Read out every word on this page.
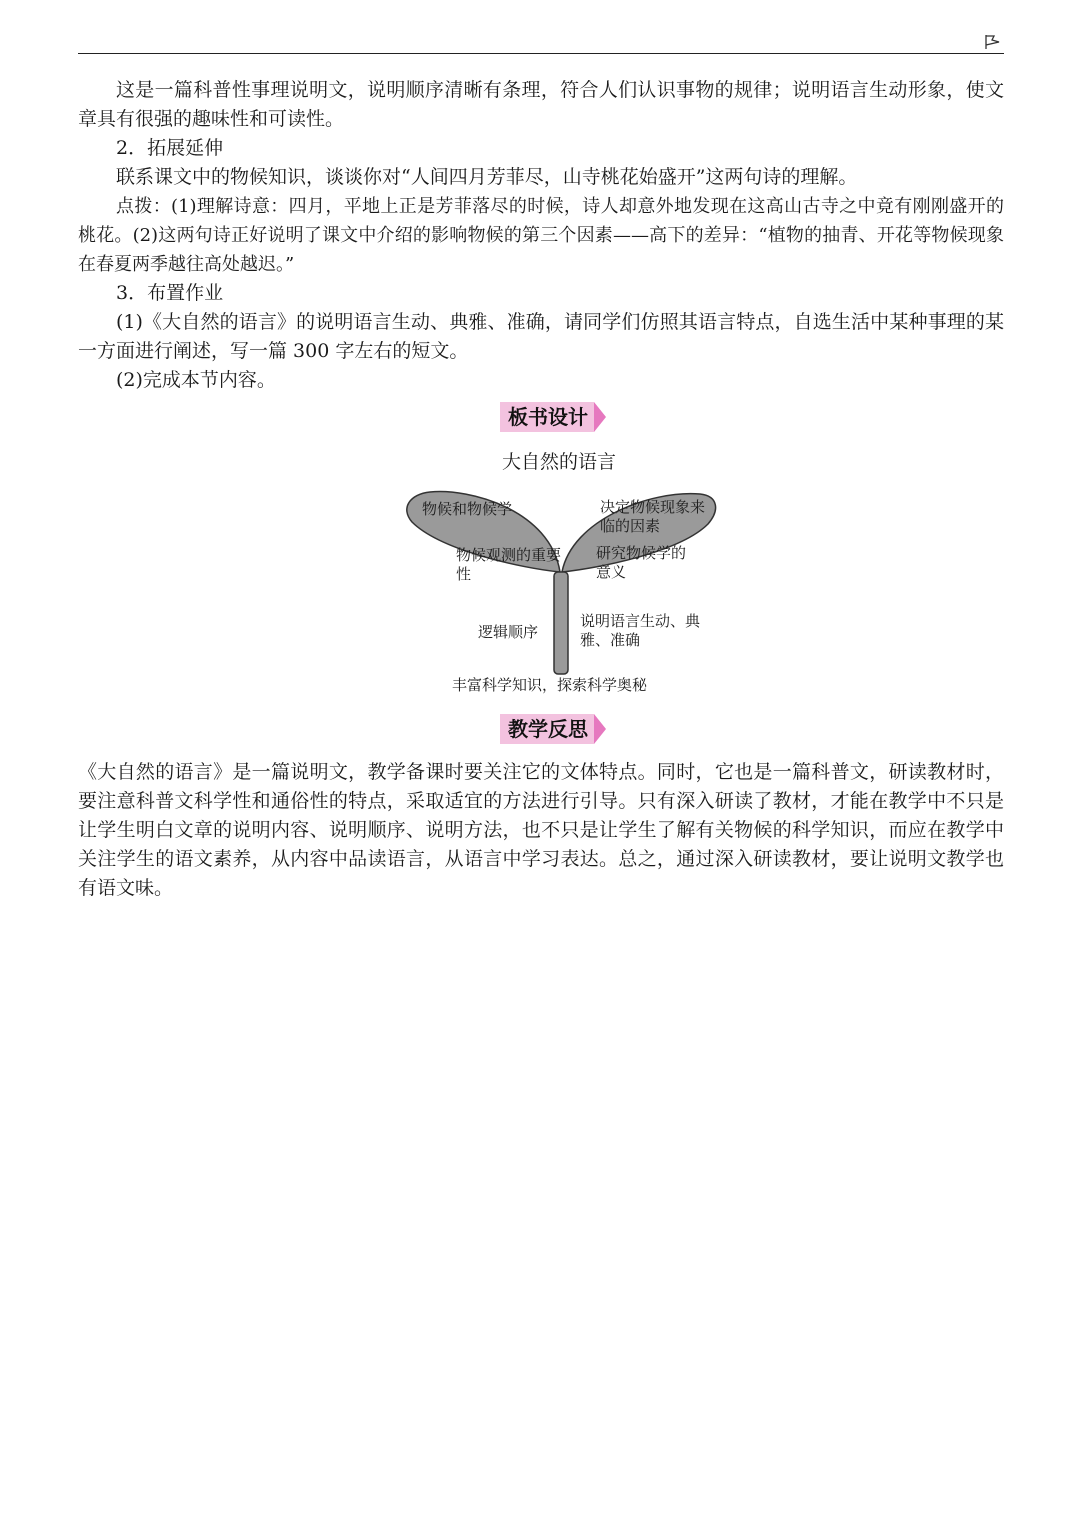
这是一篇科普性事理说明文，说明顺序清晰有条理，符合人们认识事物的规律；说明语言生动形象，使文章具有很强的趣味性和可读性。

2．拓展延伸

联系课文中的物候知识，谈谈你对“人间四月芳菲尽，山寺桃花始盛开”这两句诗的理解。

点拨：(1)理解诗意：四月，平地上正是芳菲落尽的时候，诗人却意外地发现在这高山古寺之中竟有刚刚盛开的桃花。(2)这两句诗正好说明了课文中介绍的影响物候的第三个因素——高下的差异：“植物的抽青、开花等物候现象在春夏两季越往高处越迟。”

3．布置作业

(1)《大自然的语言》的说明语言生动、典雅、准确，请同学们仿照其语言特点，自选生活中某种事理的某一方面进行阐述，写一篇 300 字左右的短文。

(2)完成本节内容。

板书设计
大自然的语言
物候和物候学
物候观测的重要性
决定物候现象来临的因素
研究物候学的意义
逻辑顺序
说明语言生动、典雅、准确
丰富科学知识，探索科学奥秘
教学反思

《大自然的语言》是一篇说明文，教学备课时要关注它的文体特点。同时，它也是一篇科普文，研读教材时，要注意科普文科学性和通俗性的特点，采取适宜的方法进行引导。只有深入研读了教材，才能在教学中不只是让学生明白文章的说明内容、说明顺序、说明方法，也不只是让学生了解有关物候的科学知识，而应在教学中关注学生的语文素养，从内容中品读语言，从语言中学习表达。总之，通过深入研读教材，要让说明文教学也有语文味。
